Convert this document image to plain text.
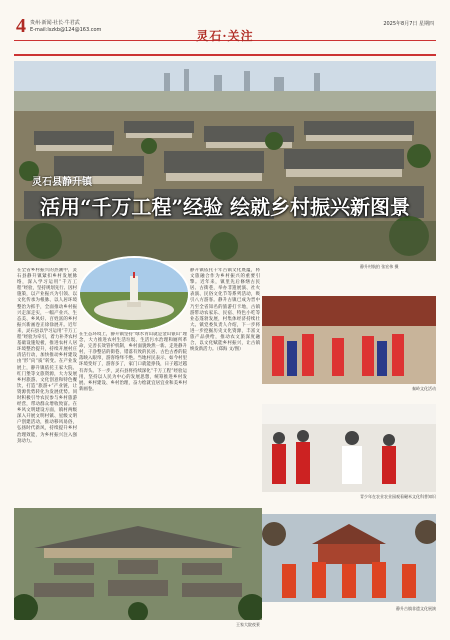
4 贵州·新闻·社长·牛君武
E-mail:lszkb@124@163.com
2025年8月7日 星期四
灵石·关注
灵石县静升镇
活用“千万工程”经验 绘就乡村振兴新图景
静升村航拍 张宏伟 摄
在全省乡村振兴的热潮中，灵石县静升镇紧扣乡村发展脉络，深入学习运用“千万工程”经验，坚持规划先行、因村施策，以产业振兴为引领、以文化传承为根脉、以人居环境整治为抓手，全面推动乡村振兴走深走实，一幅产业兴、生态美、乡风好、百姓富的乡村振兴新画卷正徐徐展开。近年来，灵石县以学习运用“千万工程”经验为牵引，着力补齐农村基础设施短板，推进农村人居环境整治提升，持续开展村庄清洁行动，加快推动乡村建设由“形”向“质”转变。在产业发展上，静升镇依托王家大院、红门堡等文旅资源，大力发展乡村旅游、文化创意和特色餐饮，打造“旅游+”产业链，让资源优势转化为发展优势。同时积极引导农民参与乡村旅游经营，带动群众增收致富。在乡风文明建设方面，镇村两级深入开展文明村镇、星级文明户创建活动，推动移风易俗，弘扬时代新风，持续提升乡村治理效能，为乡村振兴注入强劲动力。
在生态环境上，静升镇坚持“绿水青山就是金山银山”理念，大力推进农村生活垃圾、生活污水治理和厕所革命，完善长效管护机制，乡村面貌焕然一新。走进静升村，干净整洁的街巷、错落有致的民居、古色古香的院落映入眼帘，游客络绎不绝。当地村民表示，如今村里环境变好了，游客多了，家门口就能挣钱，日子越过越有奔头。下一步，灵石县将持续深化“千万工程”经验运用，坚持以人民为中心的发展思想，统筹推进乡村发展、乡村建设、乡村治理，奋力绘就宜居宜业和美乡村新画卷。
静升镇依托千年古镇文化底蕴，将文旅融合作为乡村振兴的重要引擎。近年来，镇里先后修缮古民居、古街巷，举办非遗展演、社火表演、民俗文化节等系列活动，吸引八方游客。静升古镇已成为晋中乃至全省知名的旅游打卡地，古镇游带动农家乐、民宿、特色小吃等业态蓬勃发展，村集体经济持续壮大。镇党委负责人介绍，下一步将进一步挖掘历史文化资源，丰富文旅产品供给，推动农文旅深度融合，以文化赋能乡村振兴，让古镇焕发新活力。（郑海 文/图）
王家大院夜景
秦岭文化活动
青少年在农业农业园观看碾米文化科普知识
静升古镇非遗文化展演
